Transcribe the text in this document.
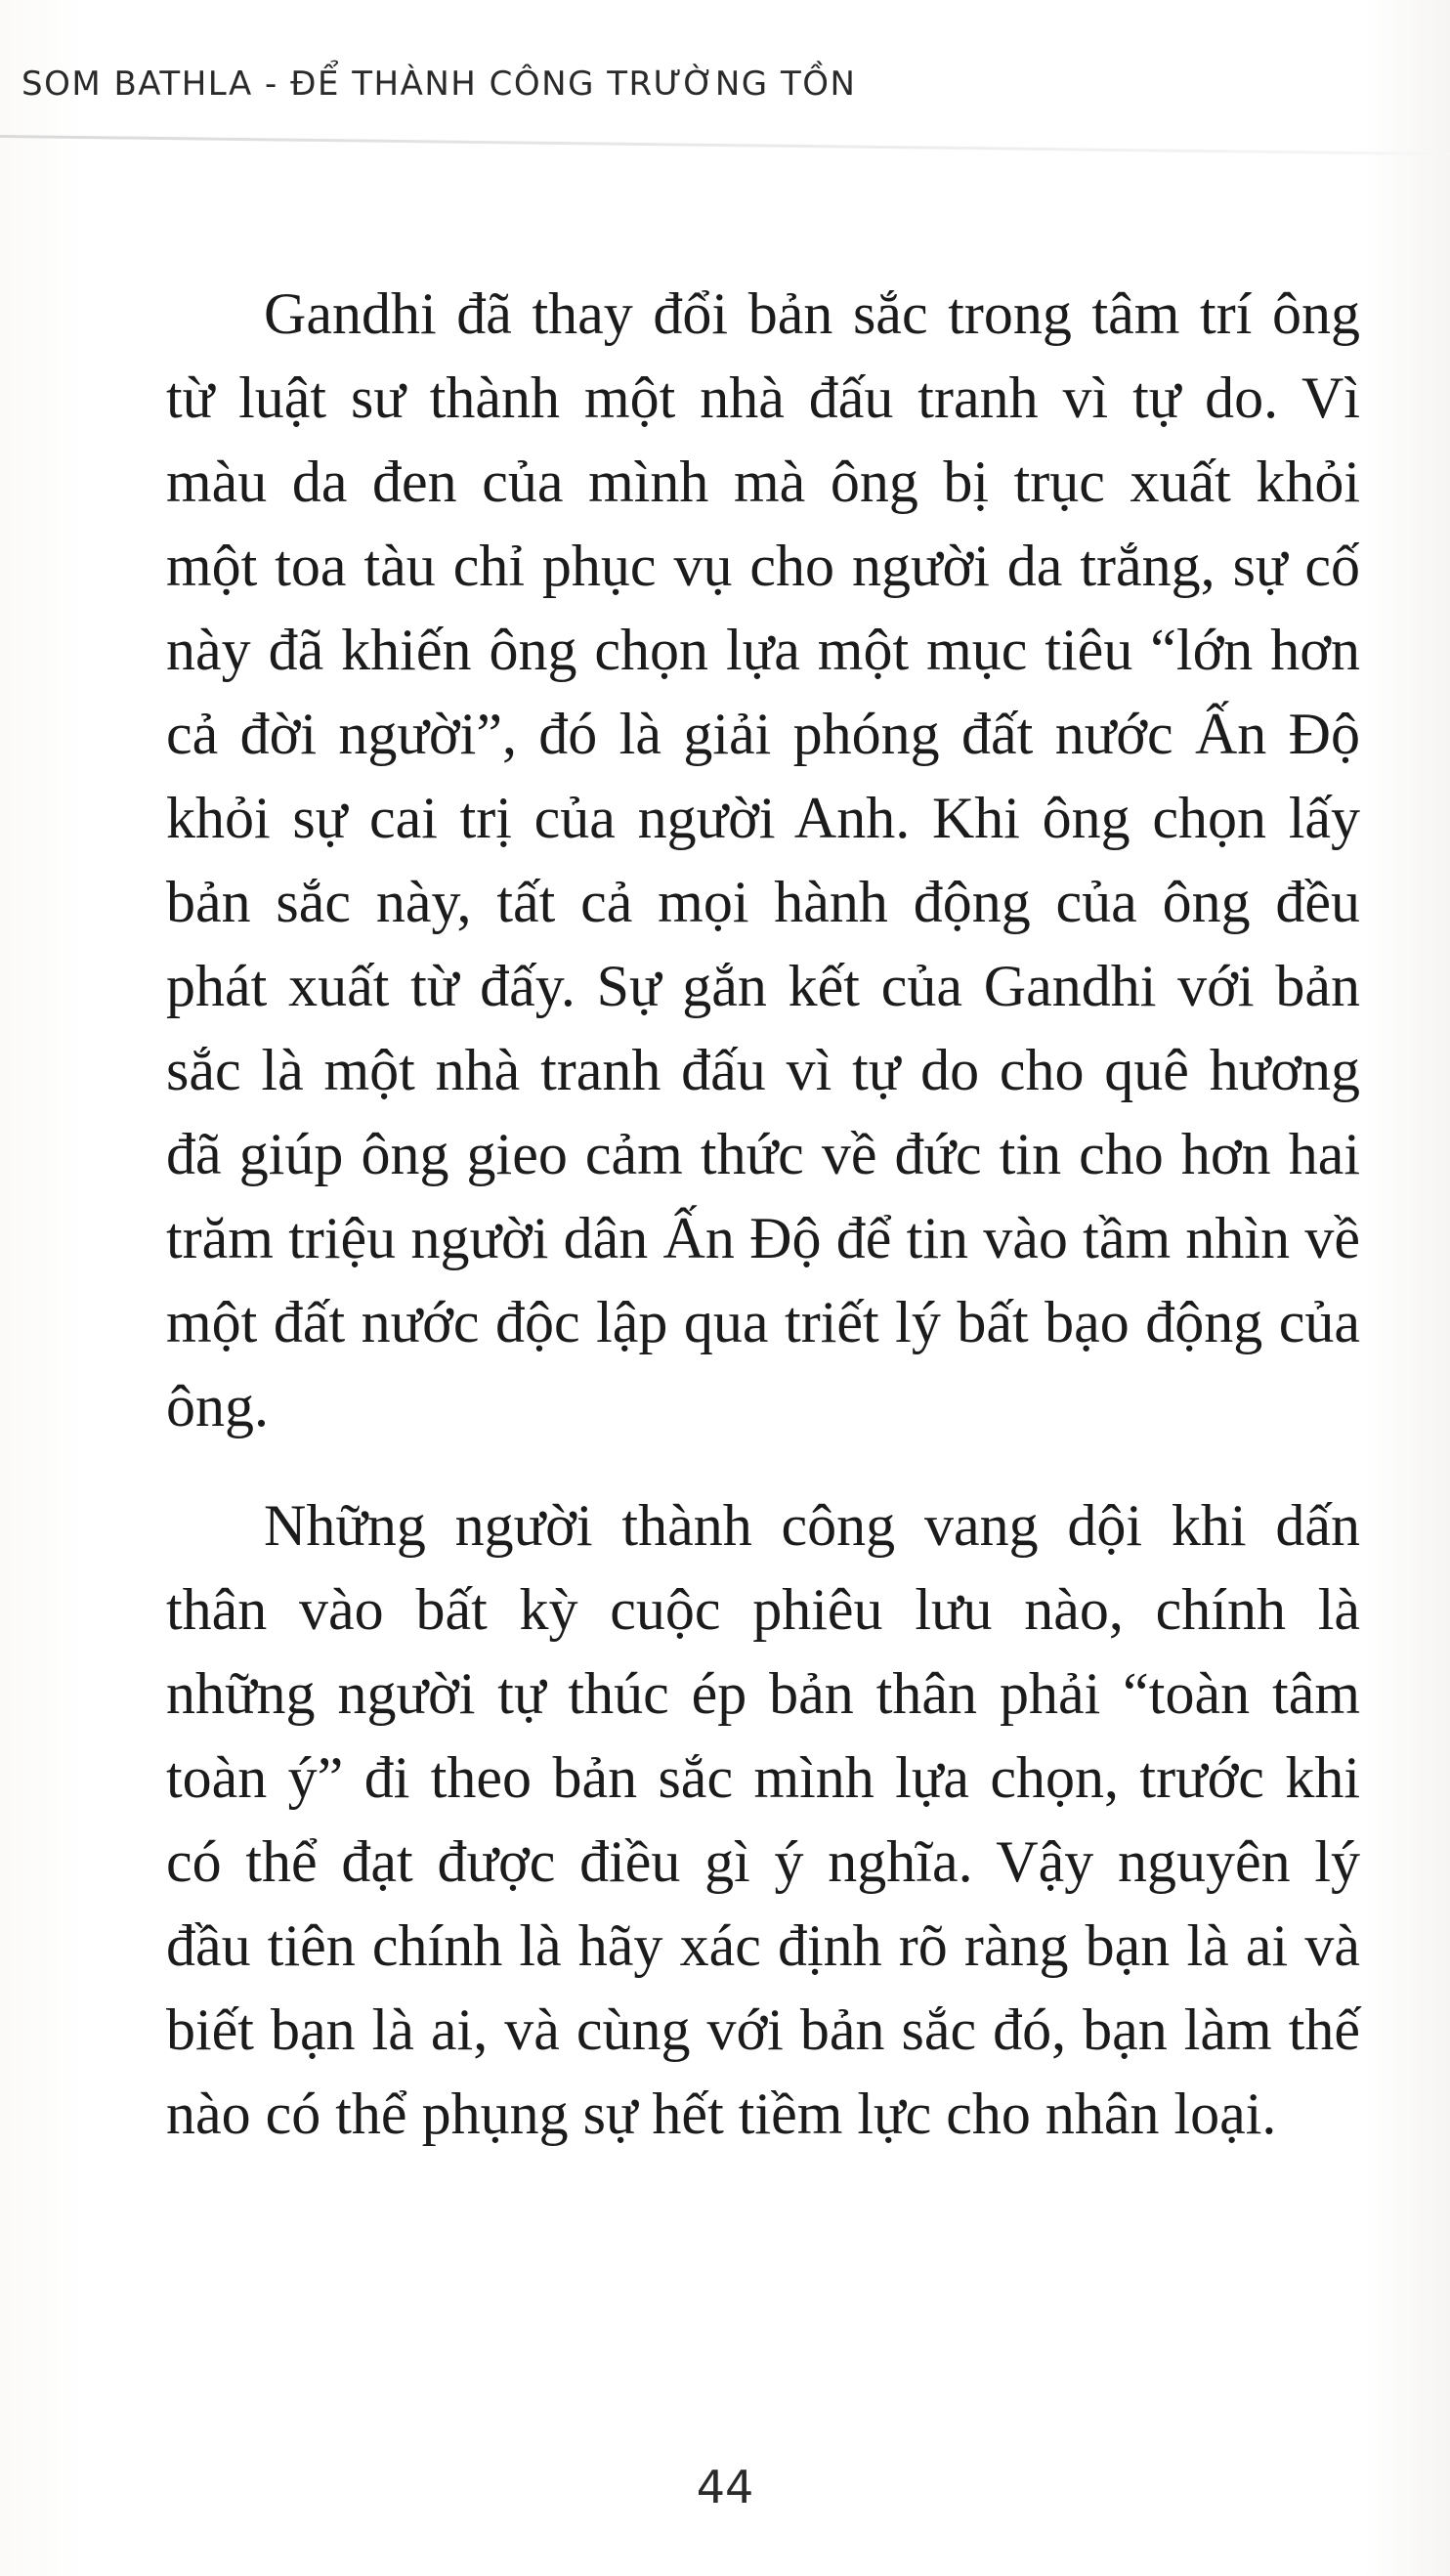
SOM BATHLA - ĐỂ THÀNH CÔNG TRƯỜNG TỒN

Gandhi đã thay đổi bản sắc trong tâm trí ông từ luật sư thành một nhà đấu tranh vì tự do. Vì màu da đen của mình mà ông bị trục xuất khỏi một toa tàu chỉ phục vụ cho người da trắng, sự cố này đã khiến ông chọn lựa một mục tiêu “lớn hơn cả đời người”, đó là giải phóng đất nước Ấn Độ khỏi sự cai trị của người Anh. Khi ông chọn lấy bản sắc này, tất cả mọi hành động của ông đều phát xuất từ đấy. Sự gắn kết của Gandhi với bản sắc là một nhà tranh đấu vì tự do cho quê hương đã giúp ông gieo cảm thức về đức tin cho hơn hai trăm triệu người dân Ấn Độ để tin vào tầm nhìn về một đất nước độc lập qua triết lý bất bạo động của ông.

Những người thành công vang dội khi dấn thân vào bất kỳ cuộc phiêu lưu nào, chính là những người tự thúc ép bản thân phải “toàn tâm toàn ý” đi theo bản sắc mình lựa chọn, trước khi có thể đạt được điều gì ý nghĩa. Vậy nguyên lý đầu tiên chính là hãy xác định rõ ràng bạn là ai và biết bạn là ai, và cùng với bản sắc đó, bạn làm thế nào có thể phụng sự hết tiềm lực cho nhân loại.

44
